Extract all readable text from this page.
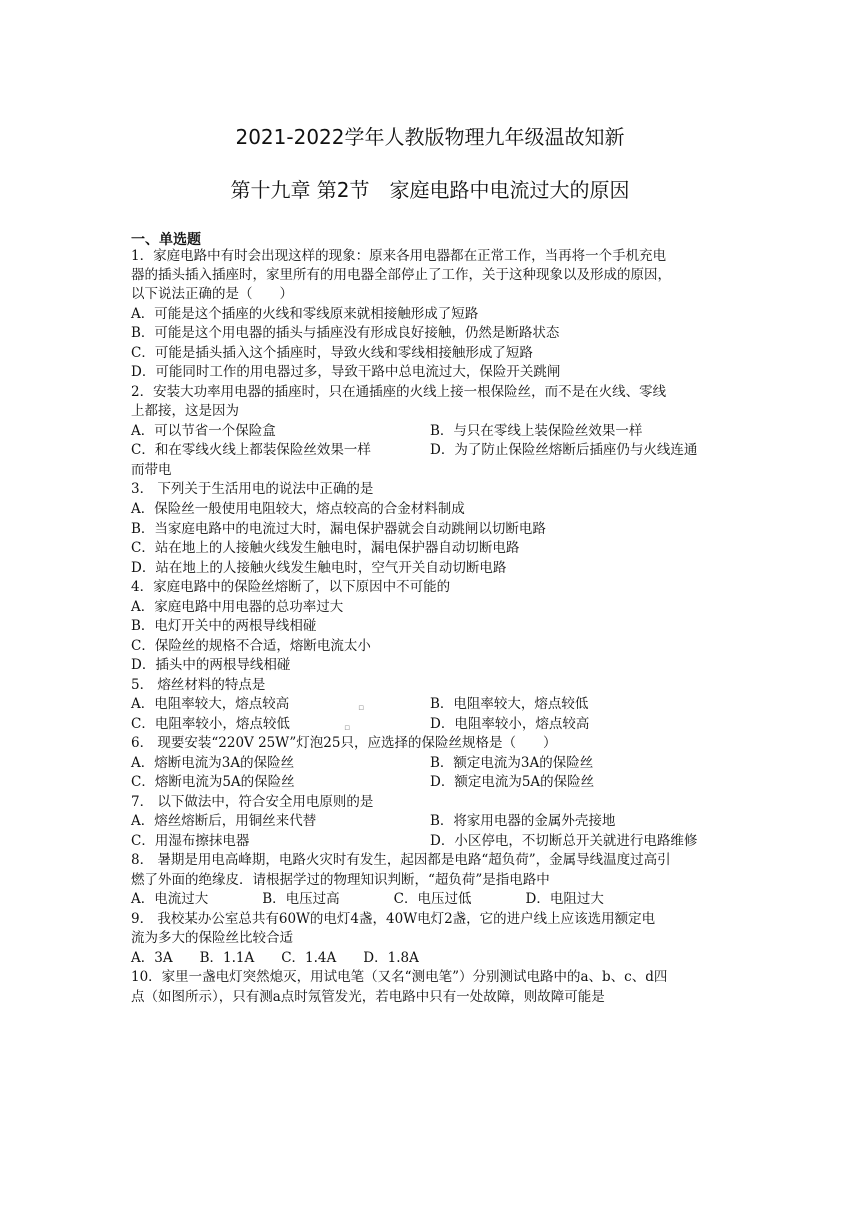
2021-2022学年人教版物理九年级温故知新
第十九章 第2节　家庭电路中电流过大的原因
一、单选题
1．家庭电路中有时会出现这样的现象：原来各用电器都在正常工作，当再将一个手机充电
器的插头插入插座时，家里所有的用电器全部停止了工作，关于这种现象以及形成的原因，
以下说法正确的是（　　）
A．可能是这个插座的火线和零线原来就相接触形成了短路
B．可能是这个用电器的插头与插座没有形成良好接触，仍然是断路状态
C．可能是插头插入这个插座时，导致火线和零线相接触形成了短路
D．可能同时工作的用电器过多，导致干路中总电流过大，保险开关跳闸
2．安装大功率用电器的插座时，只在通插座的火线上接一根保险丝，而不是在火线、零线
上都接，这是因为
A．可以节省一个保险盒	B．与只在零线上装保险丝效果一样
C．和在零线火线上都装保险丝效果一样	D．为了防止保险丝熔断后插座仍与火线连通
而带电
3． 下列关于生活用电的说法中正确的是
A．保险丝一般使用电阻较大，熔点较高的合金材料制成
B．当家庭电路中的电流过大时，漏电保护器就会自动跳闸以切断电路
C．站在地上的人接触火线发生触电时，漏电保护器自动切断电路
D．站在地上的人接触火线发生触电时，空气开关自动切断电路
4．家庭电路中的保险丝熔断了，以下原因中不可能的
A．家庭电路中用电器的总功率过大
B．电灯开关中的两根导线相碰
C．保险丝的规格不合适，熔断电流太小
D．插头中的两根导线相碰
5． 熔丝材料的特点是
A．电阻率较大，熔点较高	B．电阻率较大，熔点较低
C．电阻率较小，熔点较低	D．电阻率较小，熔点较高
▫
▫
6． 现要安装“220V 25W”灯泡25只，应选择的保险丝规格是（　　）
A．熔断电流为3A的保险丝	B．额定电流为3A的保险丝
C．熔断电流为5A的保险丝	D．额定电流为5A的保险丝
7． 以下做法中，符合安全用电原则的是
A．熔丝熔断后，用铜丝来代替	B．将家用电器的金属外壳接地
C．用湿布擦抹电器	D．小区停电，不切断总开关就进行电路维修
8． 暑期是用电高峰期，电路火灾时有发生，起因都是电路“超负荷”，金属导线温度过高引
燃了外面的绝缘皮．请根据学过的物理知识判断，“超负荷”是指电路中
A．电流过大　　　　B．电压过高　　　　C．电压过低　　　　D．电阻过大
9． 我校某办公室总共有60W的电灯4盏，40W电灯2盏，它的进户线上应该选用额定电
流为多大的保险丝比较合适
A．3A　　B．1.1A　　C．1.4A　　D．1.8A
10．家里一盏电灯突然熄灭，用试电笔（又名“测电笔”）分别测试电路中的a、b、c、d四
点（如图所示），只有测a点时氖管发光，若电路中只有一处故障，则故障可能是
